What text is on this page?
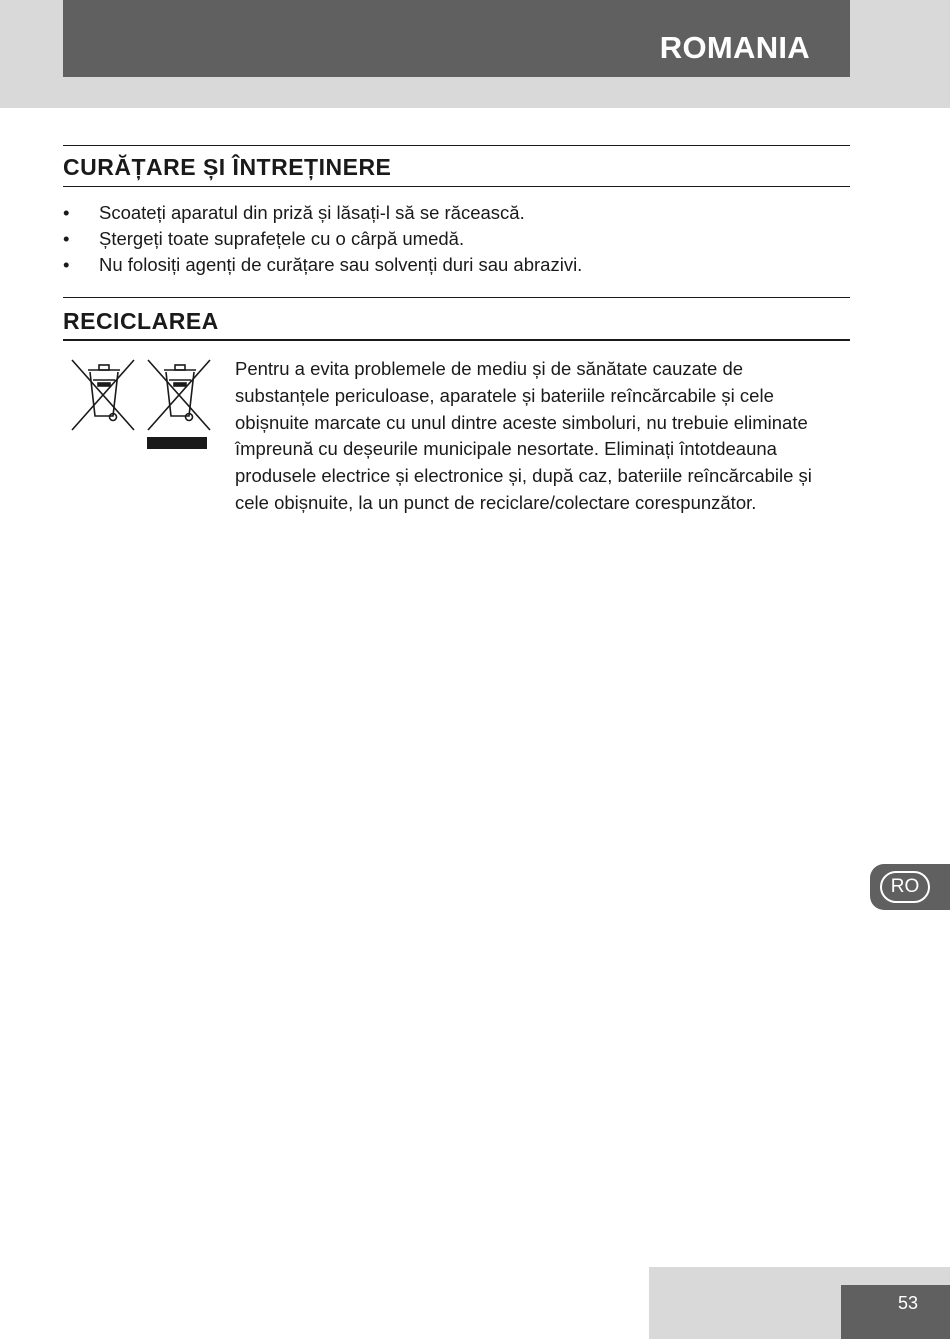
ROMANIA
CURĂȚARE ȘI ÎNTREȚINERE
• Scoateți aparatul din priză și lăsați-l să se răcească.
• Ștergeți toate suprafețele cu o cârpă umedă.
• Nu folosiți agenți de curățare sau solvenți duri sau abrazivi.
RECICLAREA

Pentru a evita problemele de mediu și de sănătate cauzate de substanțele periculoase, aparatele și bateriile reîncărcabile și cele obișnuite marcate cu unul dintre aceste simboluri, nu trebuie eliminate împreună cu deșeurile municipale nesortate. Eliminați întotdeauna produsele electrice și electronice și, după caz, bateriile reîncărcabile și cele obișnuite, la un punct de reciclare/colectare corespunzător.

RO
53
